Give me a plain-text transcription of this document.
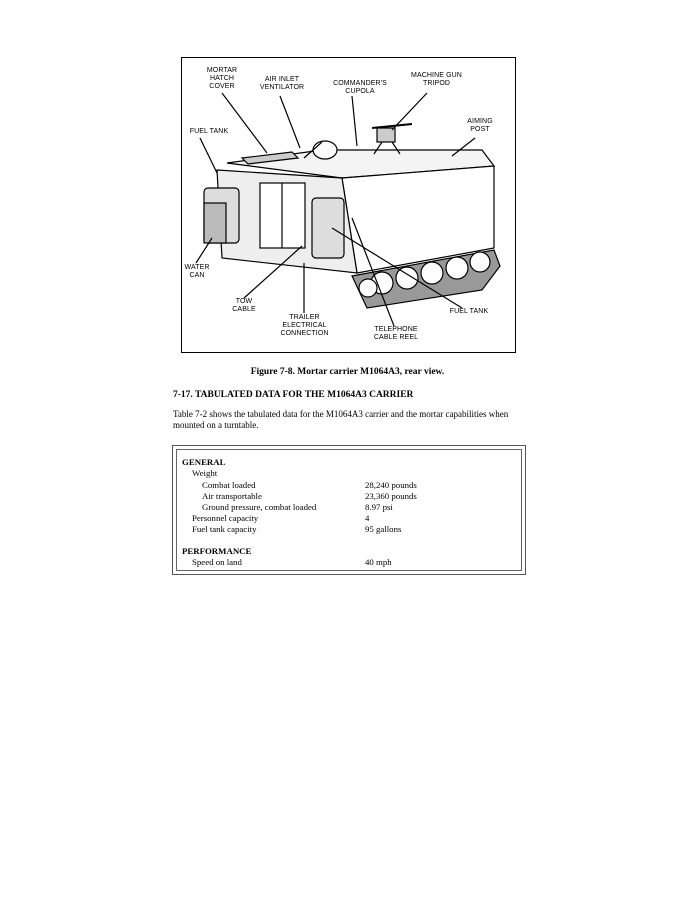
MORTAR
HATCH
COVER
AIR INLET
VENTILATOR
COMMANDER'S
CUPOLA
MACHINE GUN
TRIPOD
FUEL TANK
AIMING
POST
WATER
CAN
TOW
CABLE
TRAILER
ELECTRICAL
CONNECTION
TELEPHONE
CABLE REEL
FUEL TANK
Figure 7-8. Mortar carrier M1064A3, rear view.
7-17. TABULATED DATA FOR THE M1064A3 CARRIER
Table 7-2 shows the tabulated data for the M1064A3 carrier and the mortar capabilities when mounted on a turntable.
GENERAL
Weight
Combat loaded	28,240 pounds
Air transportable	23,360 pounds
Ground pressure, combat loaded	8.97 psi
Personnel capacity	4
Fuel tank capacity	95 gallons
PERFORMANCE
Speed on land	40 mph
